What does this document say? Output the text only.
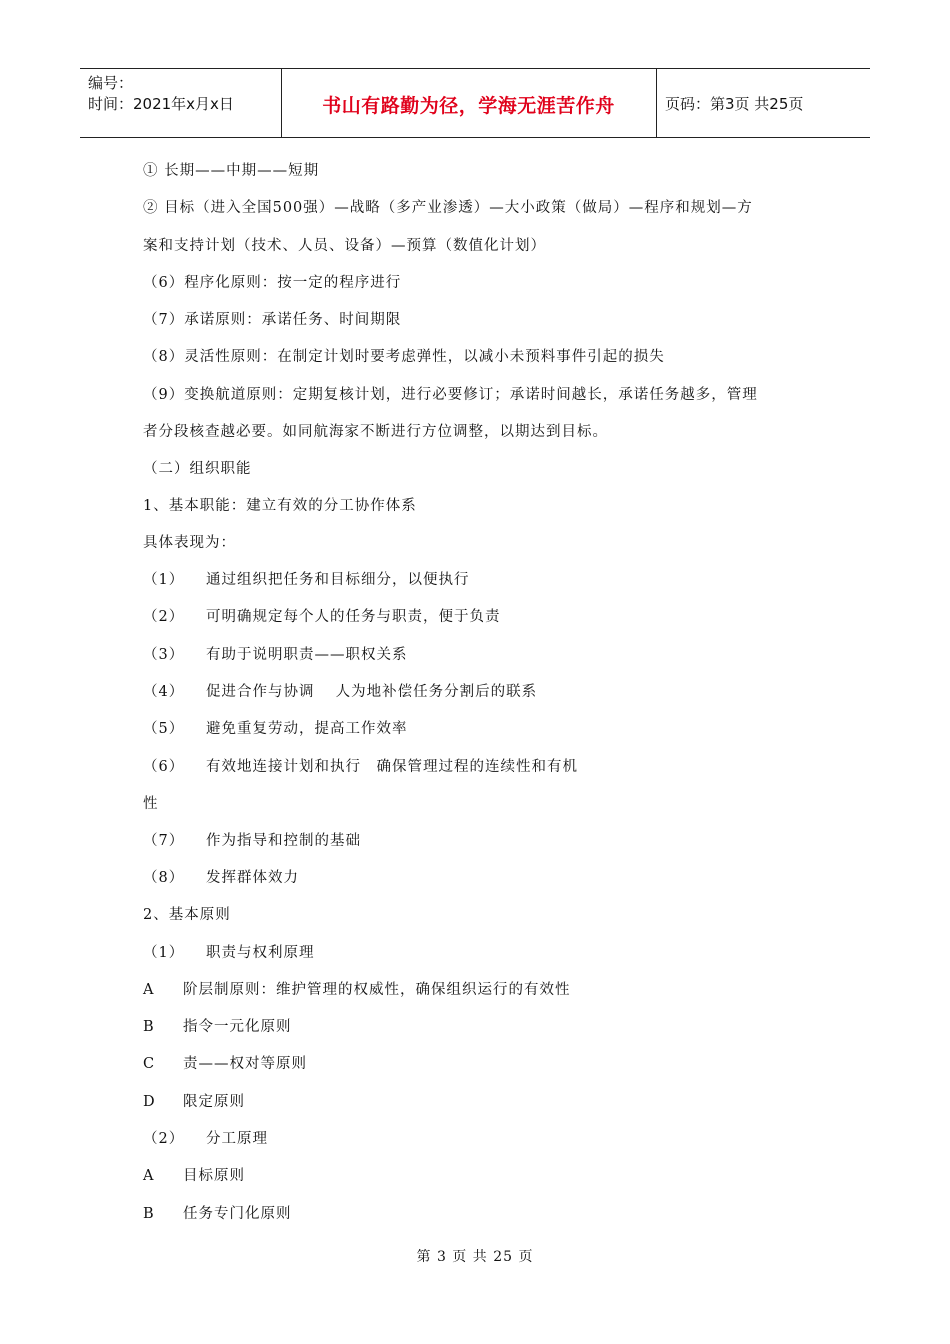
编号：
时间：2021年x月x日	书山有路勤为径，学海无涯苦作舟	页码：第3页 共25页
① 长期——中期——短期
② 目标（进入全国500强）—战略（多产业渗透）—大小政策（做局）—程序和规划—方
案和支持计划（技术、人员、设备）—预算（数值化计划）
（6）程序化原则：按一定的程序进行
（7）承诺原则：承诺任务、时间期限
（8）灵活性原则：在制定计划时要考虑弹性，以减小未预料事件引起的损失
（9）变换航道原则：定期复核计划，进行必要修订；承诺时间越长，承诺任务越多，管理
者分段核查越必要。如同航海家不断进行方位调整，以期达到目标。
（二）组织职能
1、基本职能：建立有效的分工协作体系
具体表现为：
（1） 通过组织把任务和目标细分，以便执行
（2） 可明确规定每个人的任务与职责，便于负责
（3） 有助于说明职责——职权关系
（4） 促进合作与协调　 人为地补偿任务分割后的联系
（5） 避免重复劳动，提高工作效率
（6） 有效地连接计划和执行　确保管理过程的连续性和有机
性
（7） 作为指导和控制的基础
（8） 发挥群体效力
2、基本原则
（1） 职责与权利原理
A 阶层制原则：维护管理的权威性，确保组织运行的有效性
B 指令一元化原则
C 责——权对等原则
D 限定原则
（2） 分工原理
A 目标原则
B 任务专门化原则
第 3 页 共 25 页
